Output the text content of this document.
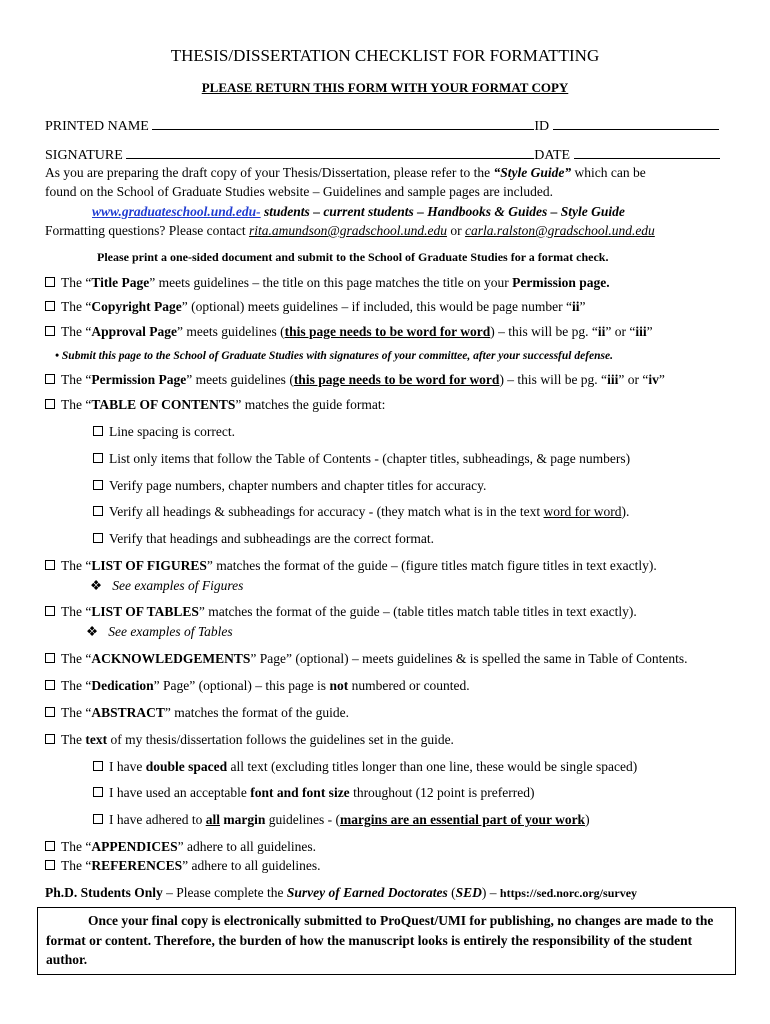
THESIS/DISSERTATION CHECKLIST FOR FORMATTING
PLEASE RETURN THIS FORM WITH YOUR FORMAT COPY
PRINTED NAME	ID
SIGNATURE	DATE
As you are preparing the draft copy of your Thesis/Dissertation, please refer to the “Style Guide” which can be
found on the School of Graduate Studies website – Guidelines and sample pages are included.
www.graduateschool.und.edu- students – current students – Handbooks & Guides – Style Guide
Formatting questions? Please contact rita.amundson@gradschool.und.edu or carla.ralston@gradschool.und.edu
Please print a one-sided document and submit to the School of Graduate Studies for a format check.
The “Title Page” meets guidelines – the title on this page matches the title on your Permission page.
The “Copyright Page” (optional) meets guidelines – if included, this would be page number “ii”
The “Approval Page” meets guidelines (this page needs to be word for word) – this will be pg. “ii” or “iii”
• Submit this page to the School of Graduate Studies with signatures of your committee, after your successful defense.
The “Permission Page” meets guidelines (this page needs to be word for word) – this will be pg. “iii” or “iv”
The “TABLE OF CONTENTS” matches the guide format:
Line spacing is correct.
List only items that follow the Table of Contents - (chapter titles, subheadings, & page numbers)
Verify page numbers, chapter numbers and chapter titles for accuracy.
Verify all headings & subheadings for accuracy - (they match what is in the text word for word).
Verify that headings and subheadings are the correct format.
The “LIST OF FIGURES” matches the format of the guide – (figure titles match figure titles in text exactly).
❖ See examples of Figures
The “LIST OF TABLES” matches the format of the guide – (table titles match table titles in text exactly).
❖ See examples of Tables
The “ACKNOWLEDGEMENTS” Page” (optional) – meets guidelines & is spelled the same in Table of Contents.
The “Dedication” Page” (optional) – this page is not numbered or counted.
The “ABSTRACT” matches the format of the guide.
The text of my thesis/dissertation follows the guidelines set in the guide.
I have double spaced all text (excluding titles longer than one line, these would be single spaced)
I have used an acceptable font and font size throughout (12 point is preferred)
I have adhered to all margin guidelines - (margins are an essential part of your work)
The “APPENDICES” adhere to all guidelines.
The “REFERENCES” adhere to all guidelines.
Ph.D. Students Only – Please complete the Survey of Earned Doctorates (SED) – https://sed.norc.org/survey
Once your final copy is electronically submitted to ProQuest/UMI for publishing, no changes are made to the format or content. Therefore, the burden of how the manuscript looks is entirely the responsibility of the student author.
